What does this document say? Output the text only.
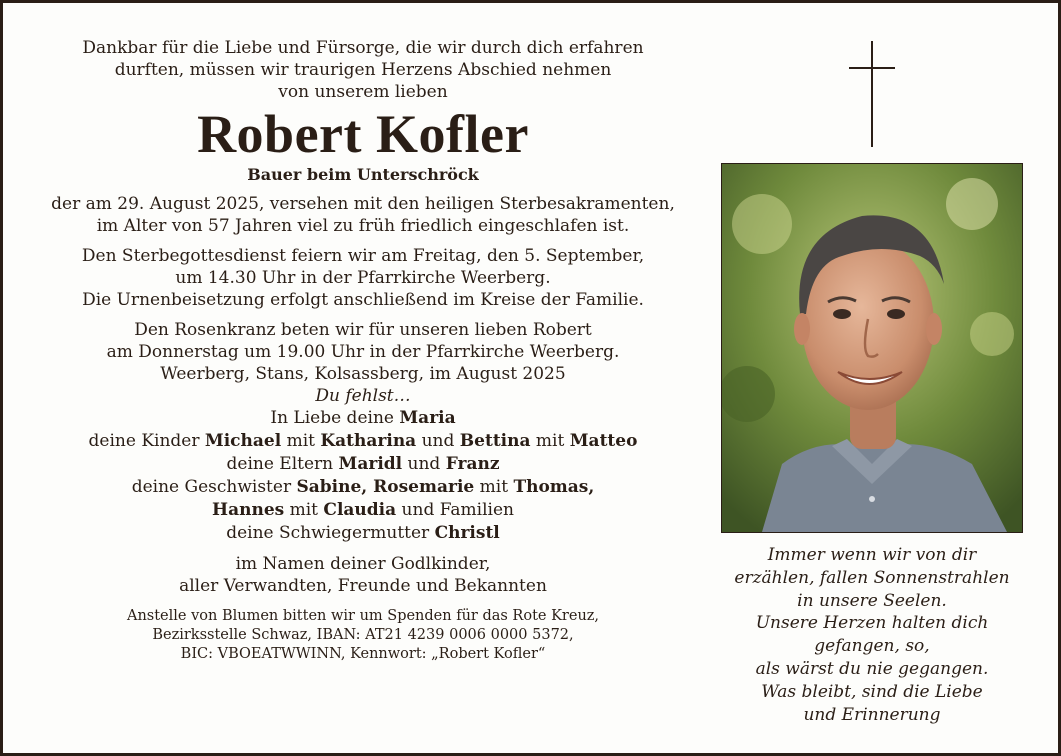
Dankbar für die Liebe und Fürsorge, die wir durch dich erfahren

durften, müssen wir traurigen Herzens Abschied nehmen

von unserem lieben

Robert Kofler

Bauer beim Unterschröck

der am 29. August 2025, versehen mit den heiligen Sterbesakramenten,

im Alter von 57 Jahren viel zu früh friedlich eingeschlafen ist.

Den Sterbegottesdienst feiern wir am Freitag, den 5. September,

um 14.30 Uhr in der Pfarrkirche Weerberg.

Die Urnenbeisetzung erfolgt anschließend im Kreise der Familie.

Den Rosenkranz beten wir für unseren lieben Robert

am Donnerstag um 19.00 Uhr in der Pfarrkirche Weerberg.

Weerberg, Stans, Kolsassberg, im August 2025

Du fehlst…

In Liebe deine Maria

deine Kinder Michael mit Katharina und Bettina mit Matteo

deine Eltern Maridl und Franz

deine Geschwister Sabine, Rosemarie mit Thomas,

Hannes mit Claudia und Familien

deine Schwiegermutter Christl

im Namen deiner Godlkinder,

aller Verwandten, Freunde und Bekannten

Anstelle von Blumen bitten wir um Spenden für das Rote Kreuz,

Bezirksstelle Schwaz, IBAN: AT21 4239 0006 0000 5372,

BIC: VBOEATWWINN, Kennwort: „Robert Kofler“

Immer wenn wir von dir

erzählen, fallen Sonnenstrahlen

in unsere Seelen.

Unsere Herzen halten dich

gefangen, so,

als wärst du nie gegangen.

Was bleibt, sind die Liebe

und Erinnerung
